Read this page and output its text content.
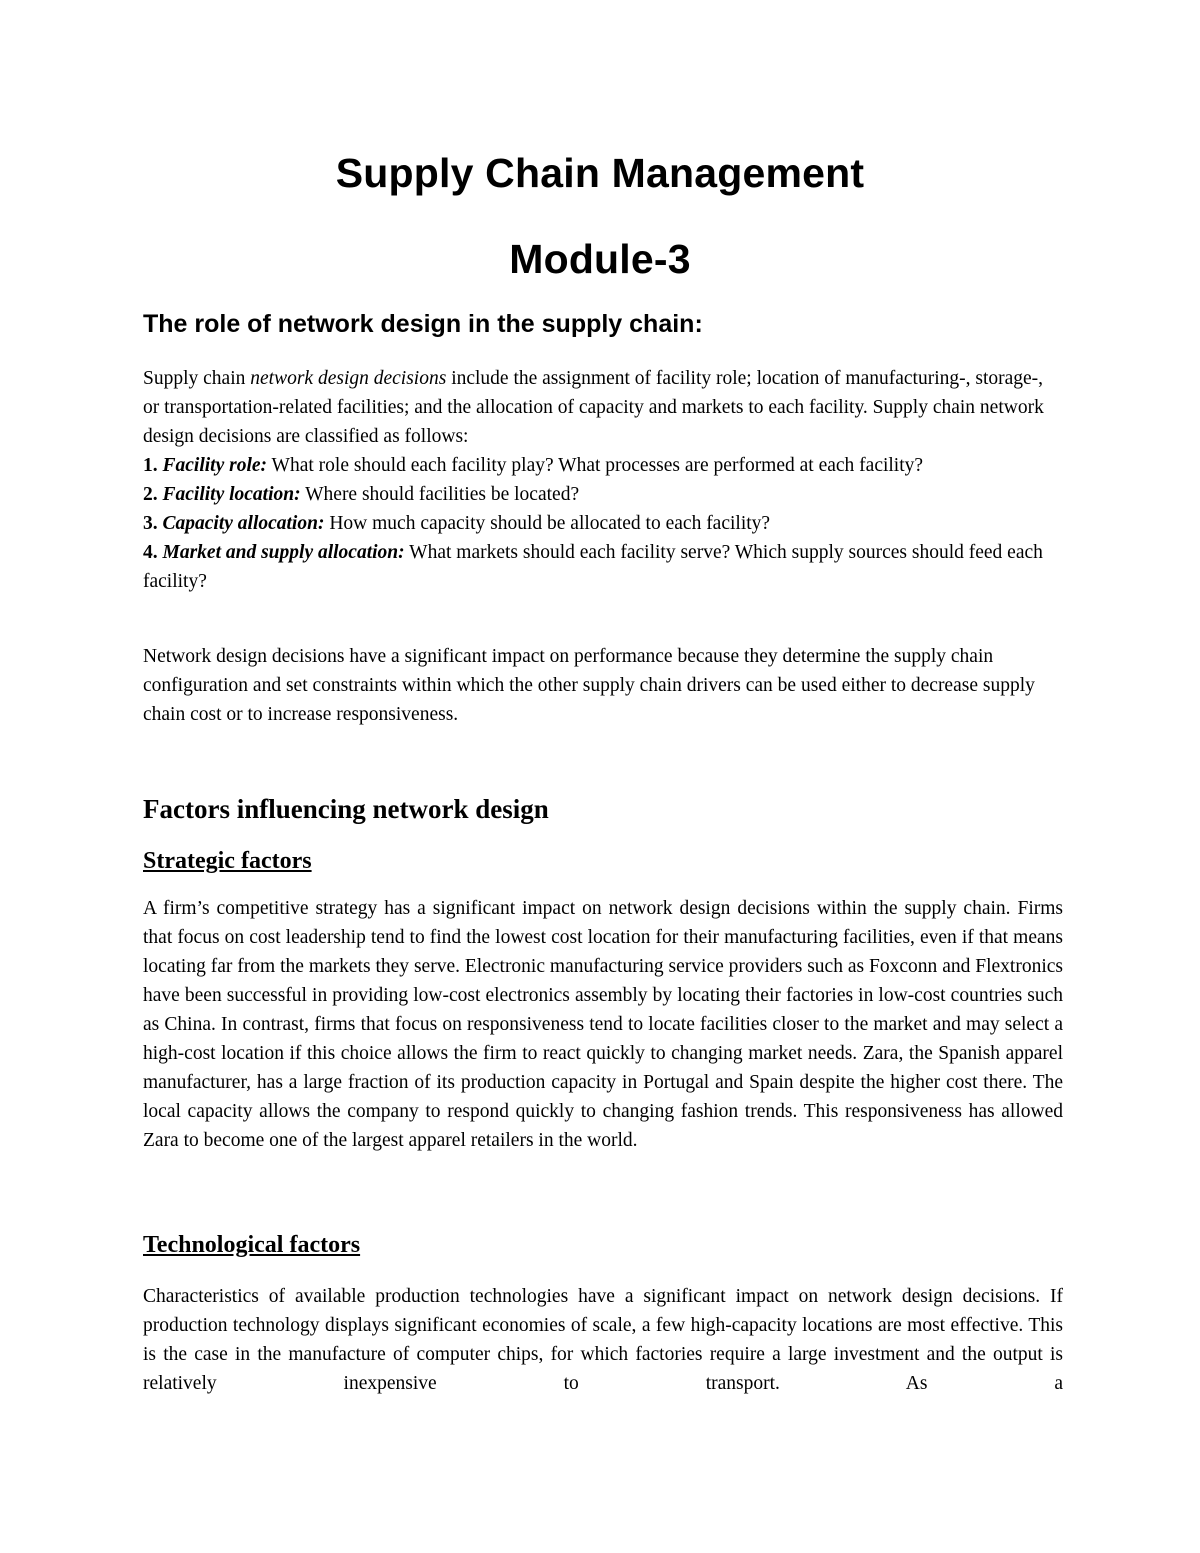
Supply Chain Management
Module-3
The role of network design in the supply chain:

Supply chain network design decisions include the assignment of facility role; location of manufacturing-, storage-, or transportation-related facilities; and the allocation of capacity and markets to each facility. Supply chain network design decisions are classified as follows:

1. Facility role: What role should each facility play? What processes are performed at each facility?

2. Facility location: Where should facilities be located?

3. Capacity allocation: How much capacity should be allocated to each facility?

4. Market and supply allocation: What markets should each facility serve? Which supply sources should feed each facility?

Network design decisions have a significant impact on performance because they determine the supply chain configuration and set constraints within which the other supply chain drivers can be used either to decrease supply chain cost or to increase responsiveness.

Factors influencing network design
Strategic factors

A firm’s competitive strategy has a significant impact on network design decisions within the supply chain. Firms that focus on cost leadership tend to find the lowest cost location for their manufacturing facilities, even if that means locating far from the markets they serve. Electronic manufacturing service providers such as Foxconn and Flextronics have been successful in providing low-cost electronics assembly by locating their factories in low-cost countries such as China. In contrast, firms that focus on responsiveness tend to locate facilities closer to the market and may select a high-cost location if this choice allows the firm to react quickly to changing market needs. Zara, the Spanish apparel manufacturer, has a large fraction of its production capacity in Portugal and Spain despite the higher cost there. The local capacity allows the company to respond quickly to changing fashion trends. This responsiveness has allowed Zara to become one of the largest apparel retailers in the world.

Technological factors

Characteristics of available production technologies have a significant impact on network design decisions. If production technology displays significant economies of scale, a few high-capacity locations are most effective. This is the case in the manufacture of computer chips, for which factories require a large investment and the output is relatively inexpensive to transport. As a
